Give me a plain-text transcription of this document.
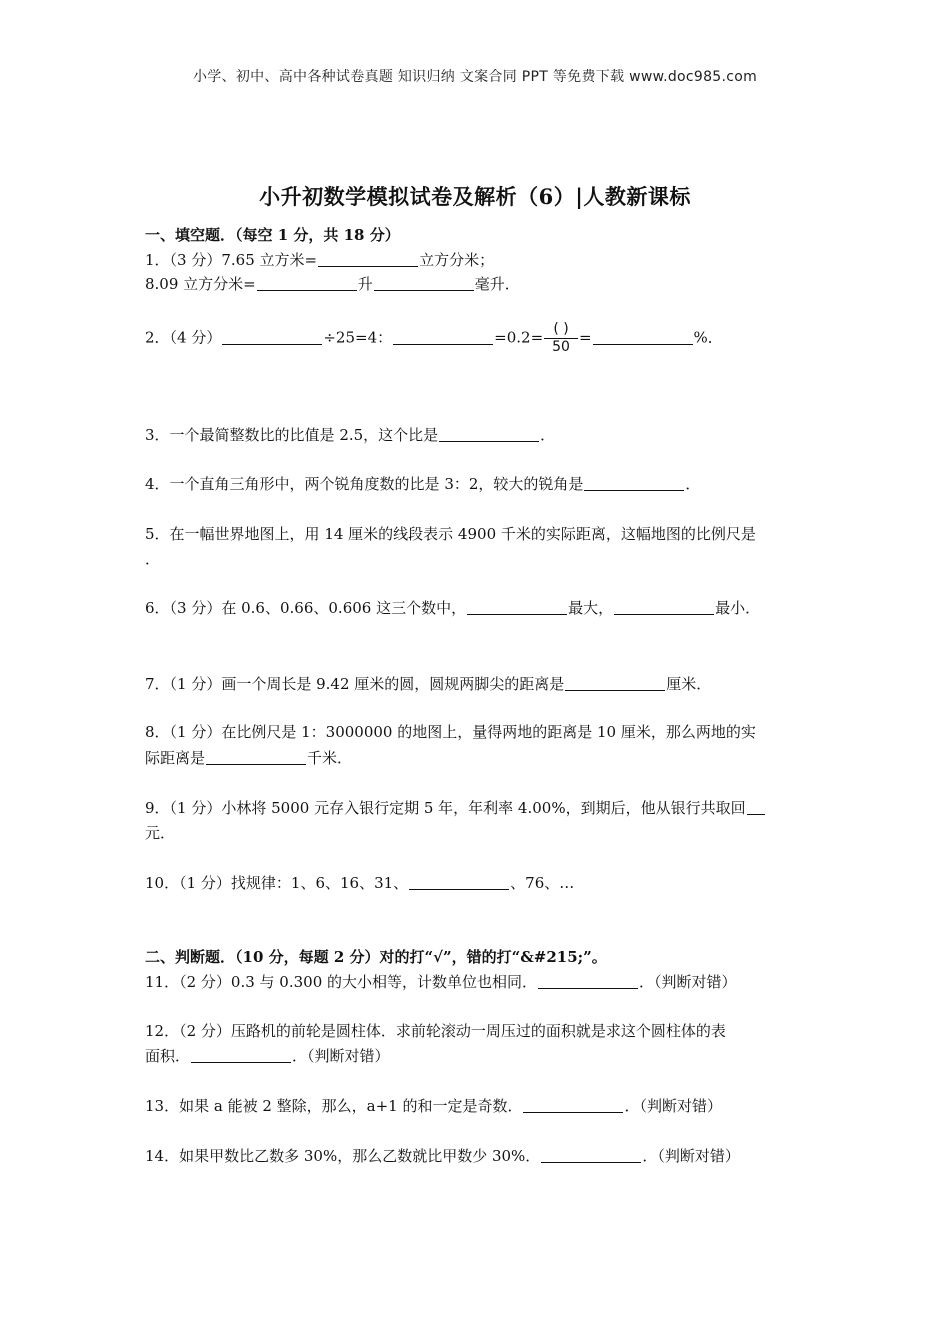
小学、初中、高中各种试卷真题 知识归纳 文案合同 PPT 等免费下载 www.doc985.com
小升初数学模拟试卷及解析（6）|人教新课标
一、填空题．（每空 1 分，共 18 分）
1．（3 分）7.65 立方米=	立方分米；
8.09 立方分米=	升	毫升．
2．（4 分）	÷25=4：	$=0.2= \frac{( )}{50}$ =	%．
3．一个最简整数比的比值是 2.5，这个比是	．
4．一个直角三角形中，两个锐角度数的比是 3：2，较大的锐角是	．
5．在一幅世界地图上，用 14 厘米的线段表示 4900 千米的实际距离，这幅地图的比例尺是
．
6．（3 分）在 0.6、0.66、0.606 这三个数中，	最大，	最小．
7．（1 分）画一个周长是 9.42 厘米的圆，圆规两脚尖的距离是	厘米．
8．（1 分）在比例尺是 1：3000000 的地图上，量得两地的距离是 10 厘米，那么两地的实
际距离是	千米．
9．（1 分）小林将 5000 元存入银行定期 5 年，年利率 4.00%，到期后，他从银行共取回
元．
10．（1 分）找规律：1、6、16、31、	、76、…
二、判断题．（10 分，每题 2 分）对的打“√”，错的打“&#215;”。
11．（2 分）0.3 与 0.300 的大小相等，计数单位也相同．	．（判断对错）
12．（2 分）压路机的前轮是圆柱体．求前轮滚动一周压过的面积就是求这个圆柱体的表
面积．	．（判断对错）
13．如果 a 能被 2 整除，那么，a+1 的和一定是奇数．	．（判断对错）
14．如果甲数比乙数多 30%，那么乙数就比甲数少 30%．	．（判断对错）
